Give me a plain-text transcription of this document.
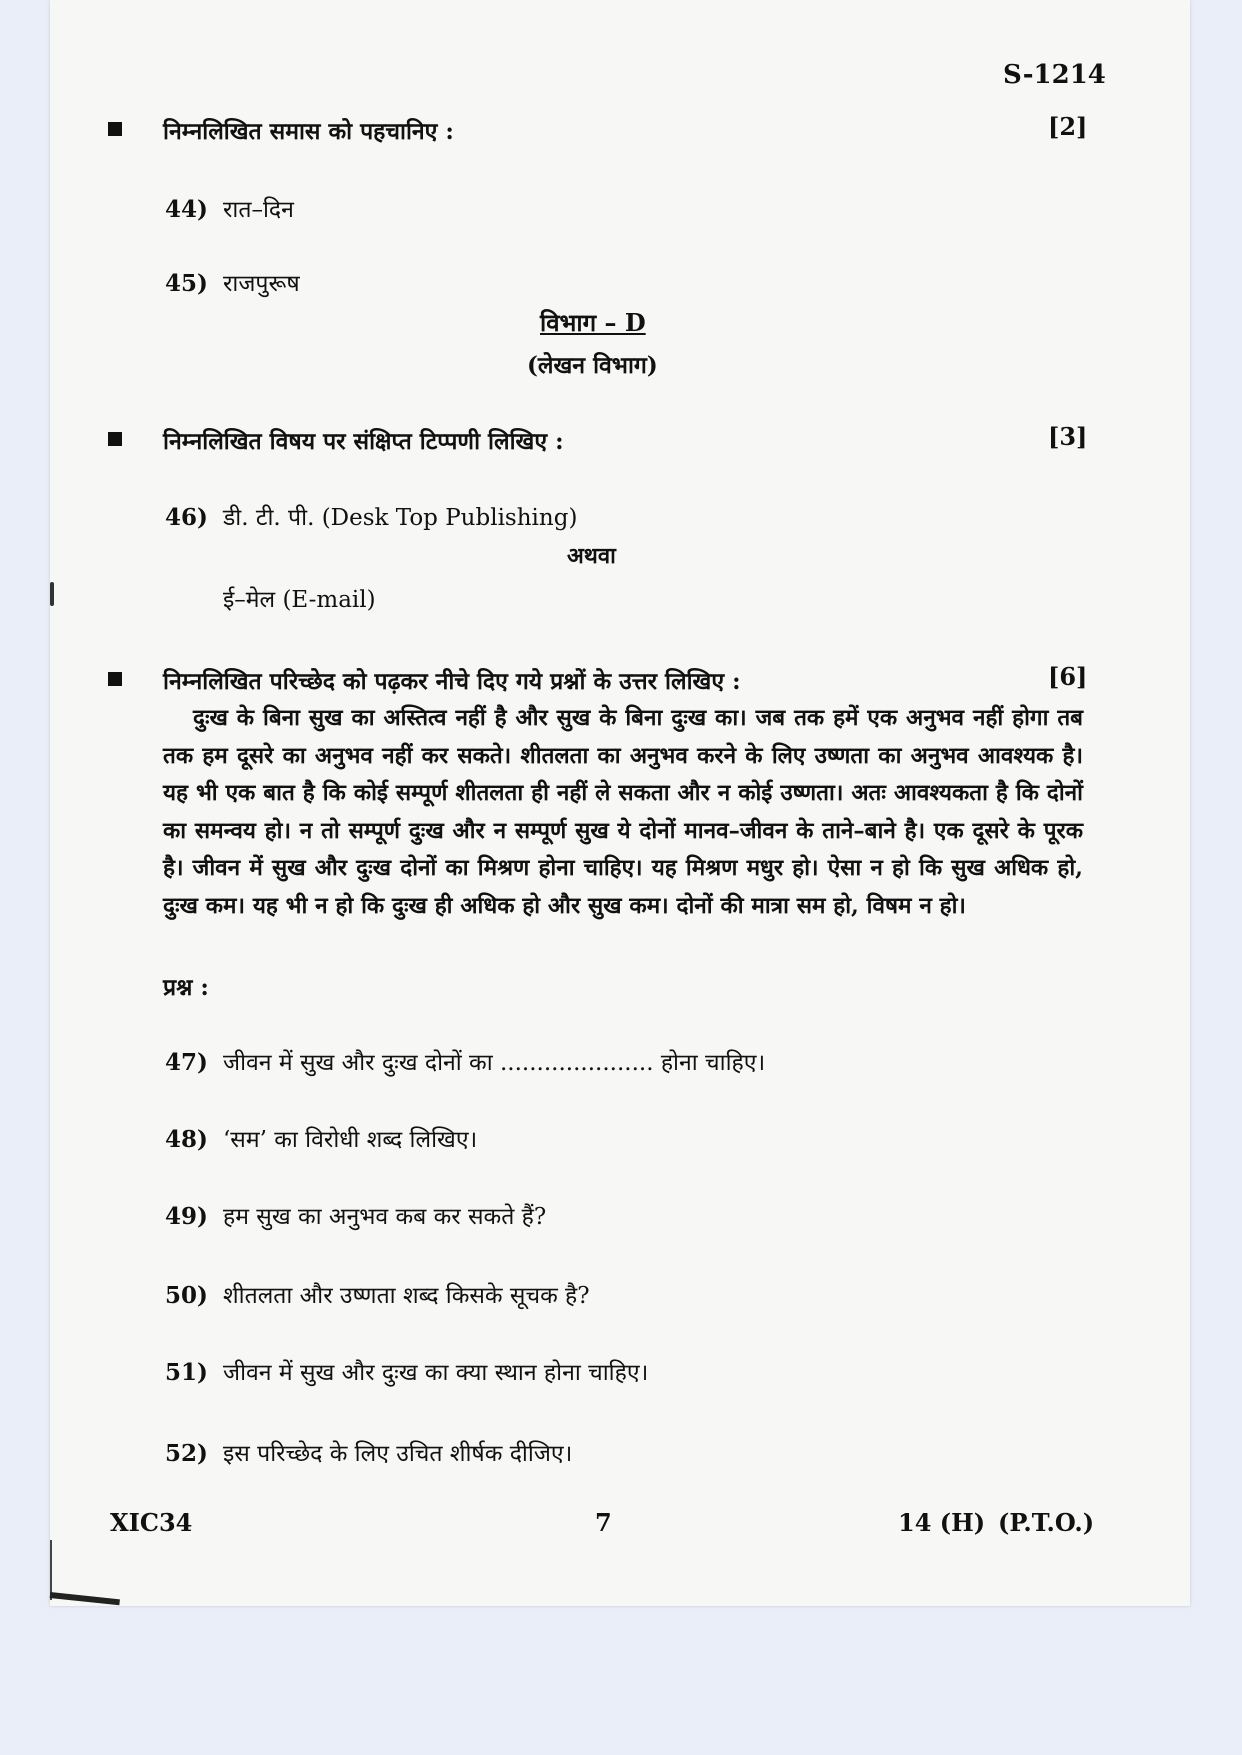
S-1214
निम्नलिखित समास को पहचानिए :	[2]
44) रात–दिन
45) राजपुरूष
विभाग – D
(लेखन विभाग)
निम्नलिखित विषय पर संक्षिप्त टिप्पणी लिखिए :	[3]
46) डी. टी. पी. (Desk Top Publishing)
अथवा
ई–मेल (E-mail)
निम्नलिखित परिच्छेद को पढ़कर नीचे दिए गये प्रश्नों के उत्तर लिखिए :	[6]

दुःख के बिना सुख का अस्तित्व नहीं है और सुख के बिना दुःख का। जब तक हमें एक अनुभव नहीं होगा तब तक हम दूसरे का अनुभव नहीं कर सकते। शीतलता का अनुभव करने के लिए उष्णता का अनुभव आवश्यक है। यह भी एक बात है कि कोई सम्पूर्ण शीतलता ही नहीं ले सकता और न कोई उष्णता। अतः आवश्यकता है कि दोनों का समन्वय हो। न तो सम्पूर्ण दुःख और न सम्पूर्ण सुख ये दोनों मानव–जीवन के ताने–बाने है। एक दूसरे के पूरक है। जीवन में सुख और दुःख दोनों का मिश्रण होना चाहिए। यह मिश्रण मधुर हो। ऐसा न हो कि सुख अधिक हो, दुःख कम। यह भी न हो कि दुःख ही अधिक हो और सुख कम। दोनों की मात्रा सम हो, विषम न हो।

प्रश्न :
47) जीवन में सुख और दुःख दोनों का ..................... होना चाहिए।
48) ‘सम’ का विरोधी शब्द लिखिए।
49) हम सुख का अनुभव कब कर सकते हैं?
50) शीतलता और उष्णता शब्द किसके सूचक है?
51) जीवन में सुख और दुःख का क्या स्थान होना चाहिए।
52) इस परिच्छेद के लिए उचित शीर्षक दीजिए।
XIC34	7	14 (H) (P.T.O.)
